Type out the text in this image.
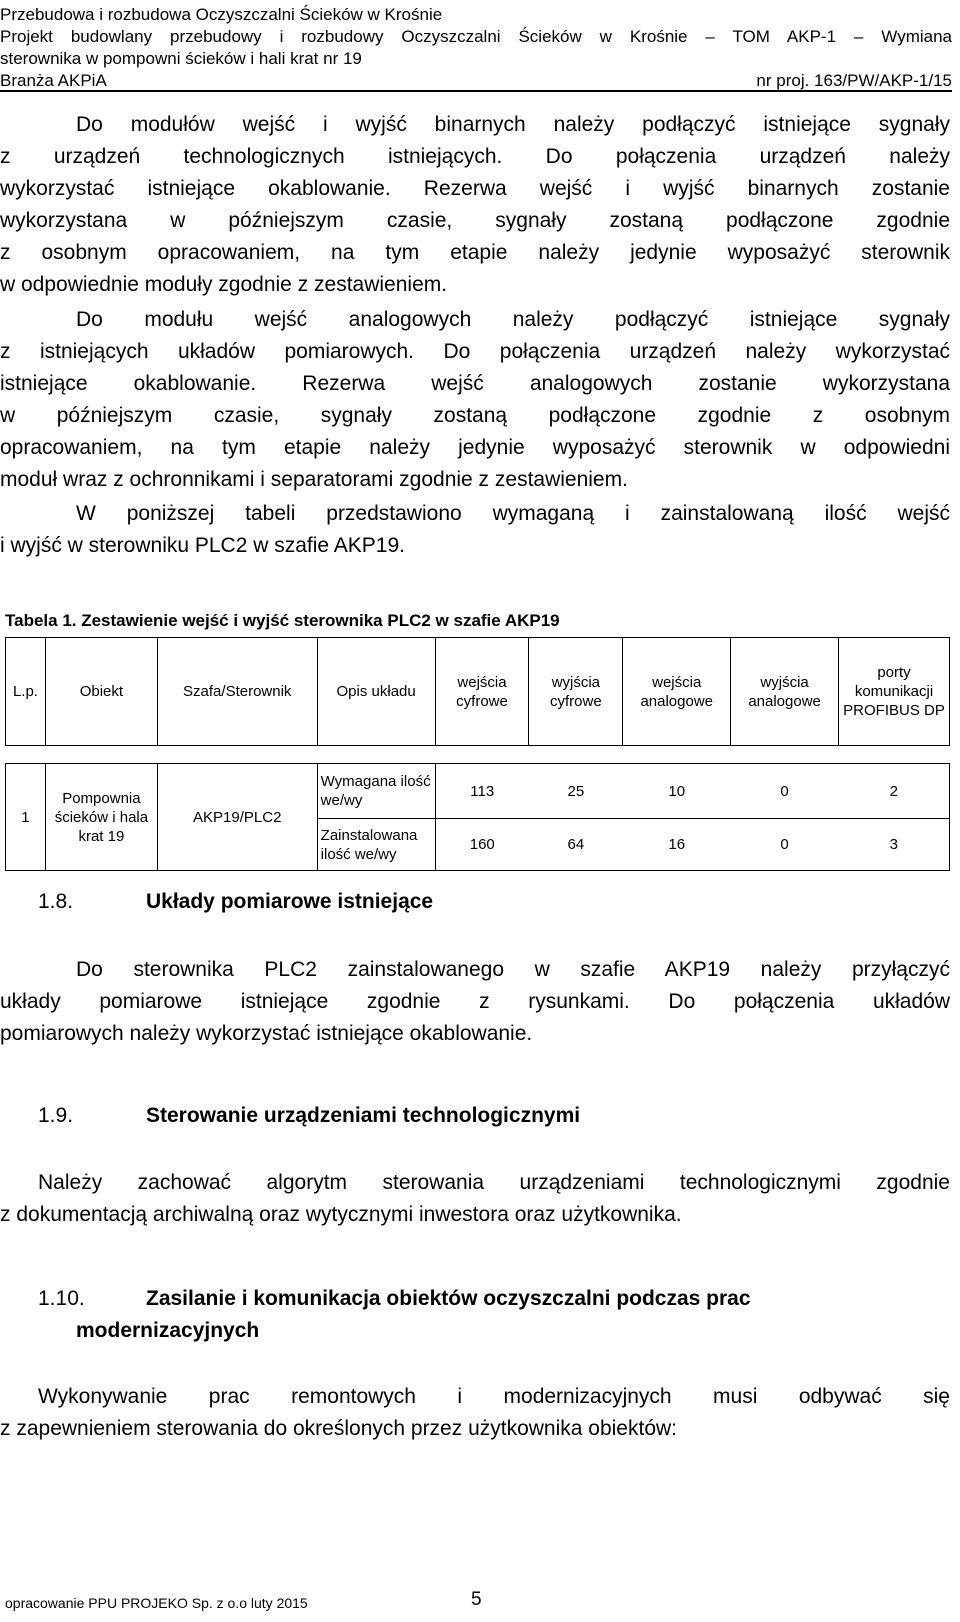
Przebudowa i rozbudowa Oczyszczalni Ścieków w Krośnie
Projekt budowlany przebudowy i rozbudowy Oczyszczalni Ścieków w Krośnie – TOM AKP-1 – Wymiana
sterownika w pompowni ścieków i hali krat nr 19
Branża AKPiA	nr proj. 163/PW/AKP-1/15
Do modułów wejść i wyjść binarnych należy podłączyć istniejące sygnały
z urządzeń technologicznych istniejących. Do połączenia urządzeń należy
wykorzystać istniejące okablowanie. Rezerwa wejść i wyjść binarnych zostanie
wykorzystana w późniejszym czasie, sygnały zostaną podłączone zgodnie
z osobnym opracowaniem, na tym etapie należy jedynie wyposażyć sterownik
w odpowiednie moduły zgodnie z zestawieniem.
Do modułu wejść analogowych należy podłączyć istniejące sygnały
z istniejących układów pomiarowych. Do połączenia urządzeń należy wykorzystać
istniejące okablowanie. Rezerwa wejść analogowych zostanie wykorzystana
w późniejszym czasie, sygnały zostaną podłączone zgodnie z osobnym
opracowaniem, na tym etapie należy jedynie wyposażyć sterownik w odpowiedni
moduł wraz z ochronnikami i separatorami zgodnie z zestawieniem.
W poniższej tabeli przedstawiono wymaganą i zainstalowaną ilość wejść
i wyjść w sterowniku PLC2 w szafie AKP19.
Tabela 1. Zestawienie wejść i wyjść sterownika PLC2 w szafie AKP19
L.p.	Obiekt	Szafa/Sterownik	Opis układu	wejścia cyfrowe	wyjścia cyfrowe	wejścia analogowe	wyjścia analogowe	porty komunikacji PROFIBUS DP

1	Pompownia ścieków i hala krat 19	AKP19/PLC2	Wymagana ilość we/wy	113	25	10	0	2
			Zainstalowana ilość we/wy	160	64	16	0	3
1.8.	Układy pomiarowe istniejące
Do sterownika PLC2 zainstalowanego w szafie AKP19 należy przyłączyć
układy pomiarowe istniejące zgodnie z rysunkami. Do połączenia układów
pomiarowych należy wykorzystać istniejące okablowanie.
1.9.	Sterowanie urządzeniami technologicznymi
Należy zachować algorytm sterowania urządzeniami technologicznymi zgodnie
z dokumentacją archiwalną oraz wytycznymi inwestora oraz użytkownika.
1.10.	Zasilanie i komunikacja obiektów oczyszczalni podczas prac
modernizacyjnych
Wykonywanie prac remontowych i modernizacyjnych musi odbywać się
z zapewnieniem sterowania do określonych przez użytkownika obiektów:
opracowanie PPU PROJEKO Sp. z o.o luty 2015	5
